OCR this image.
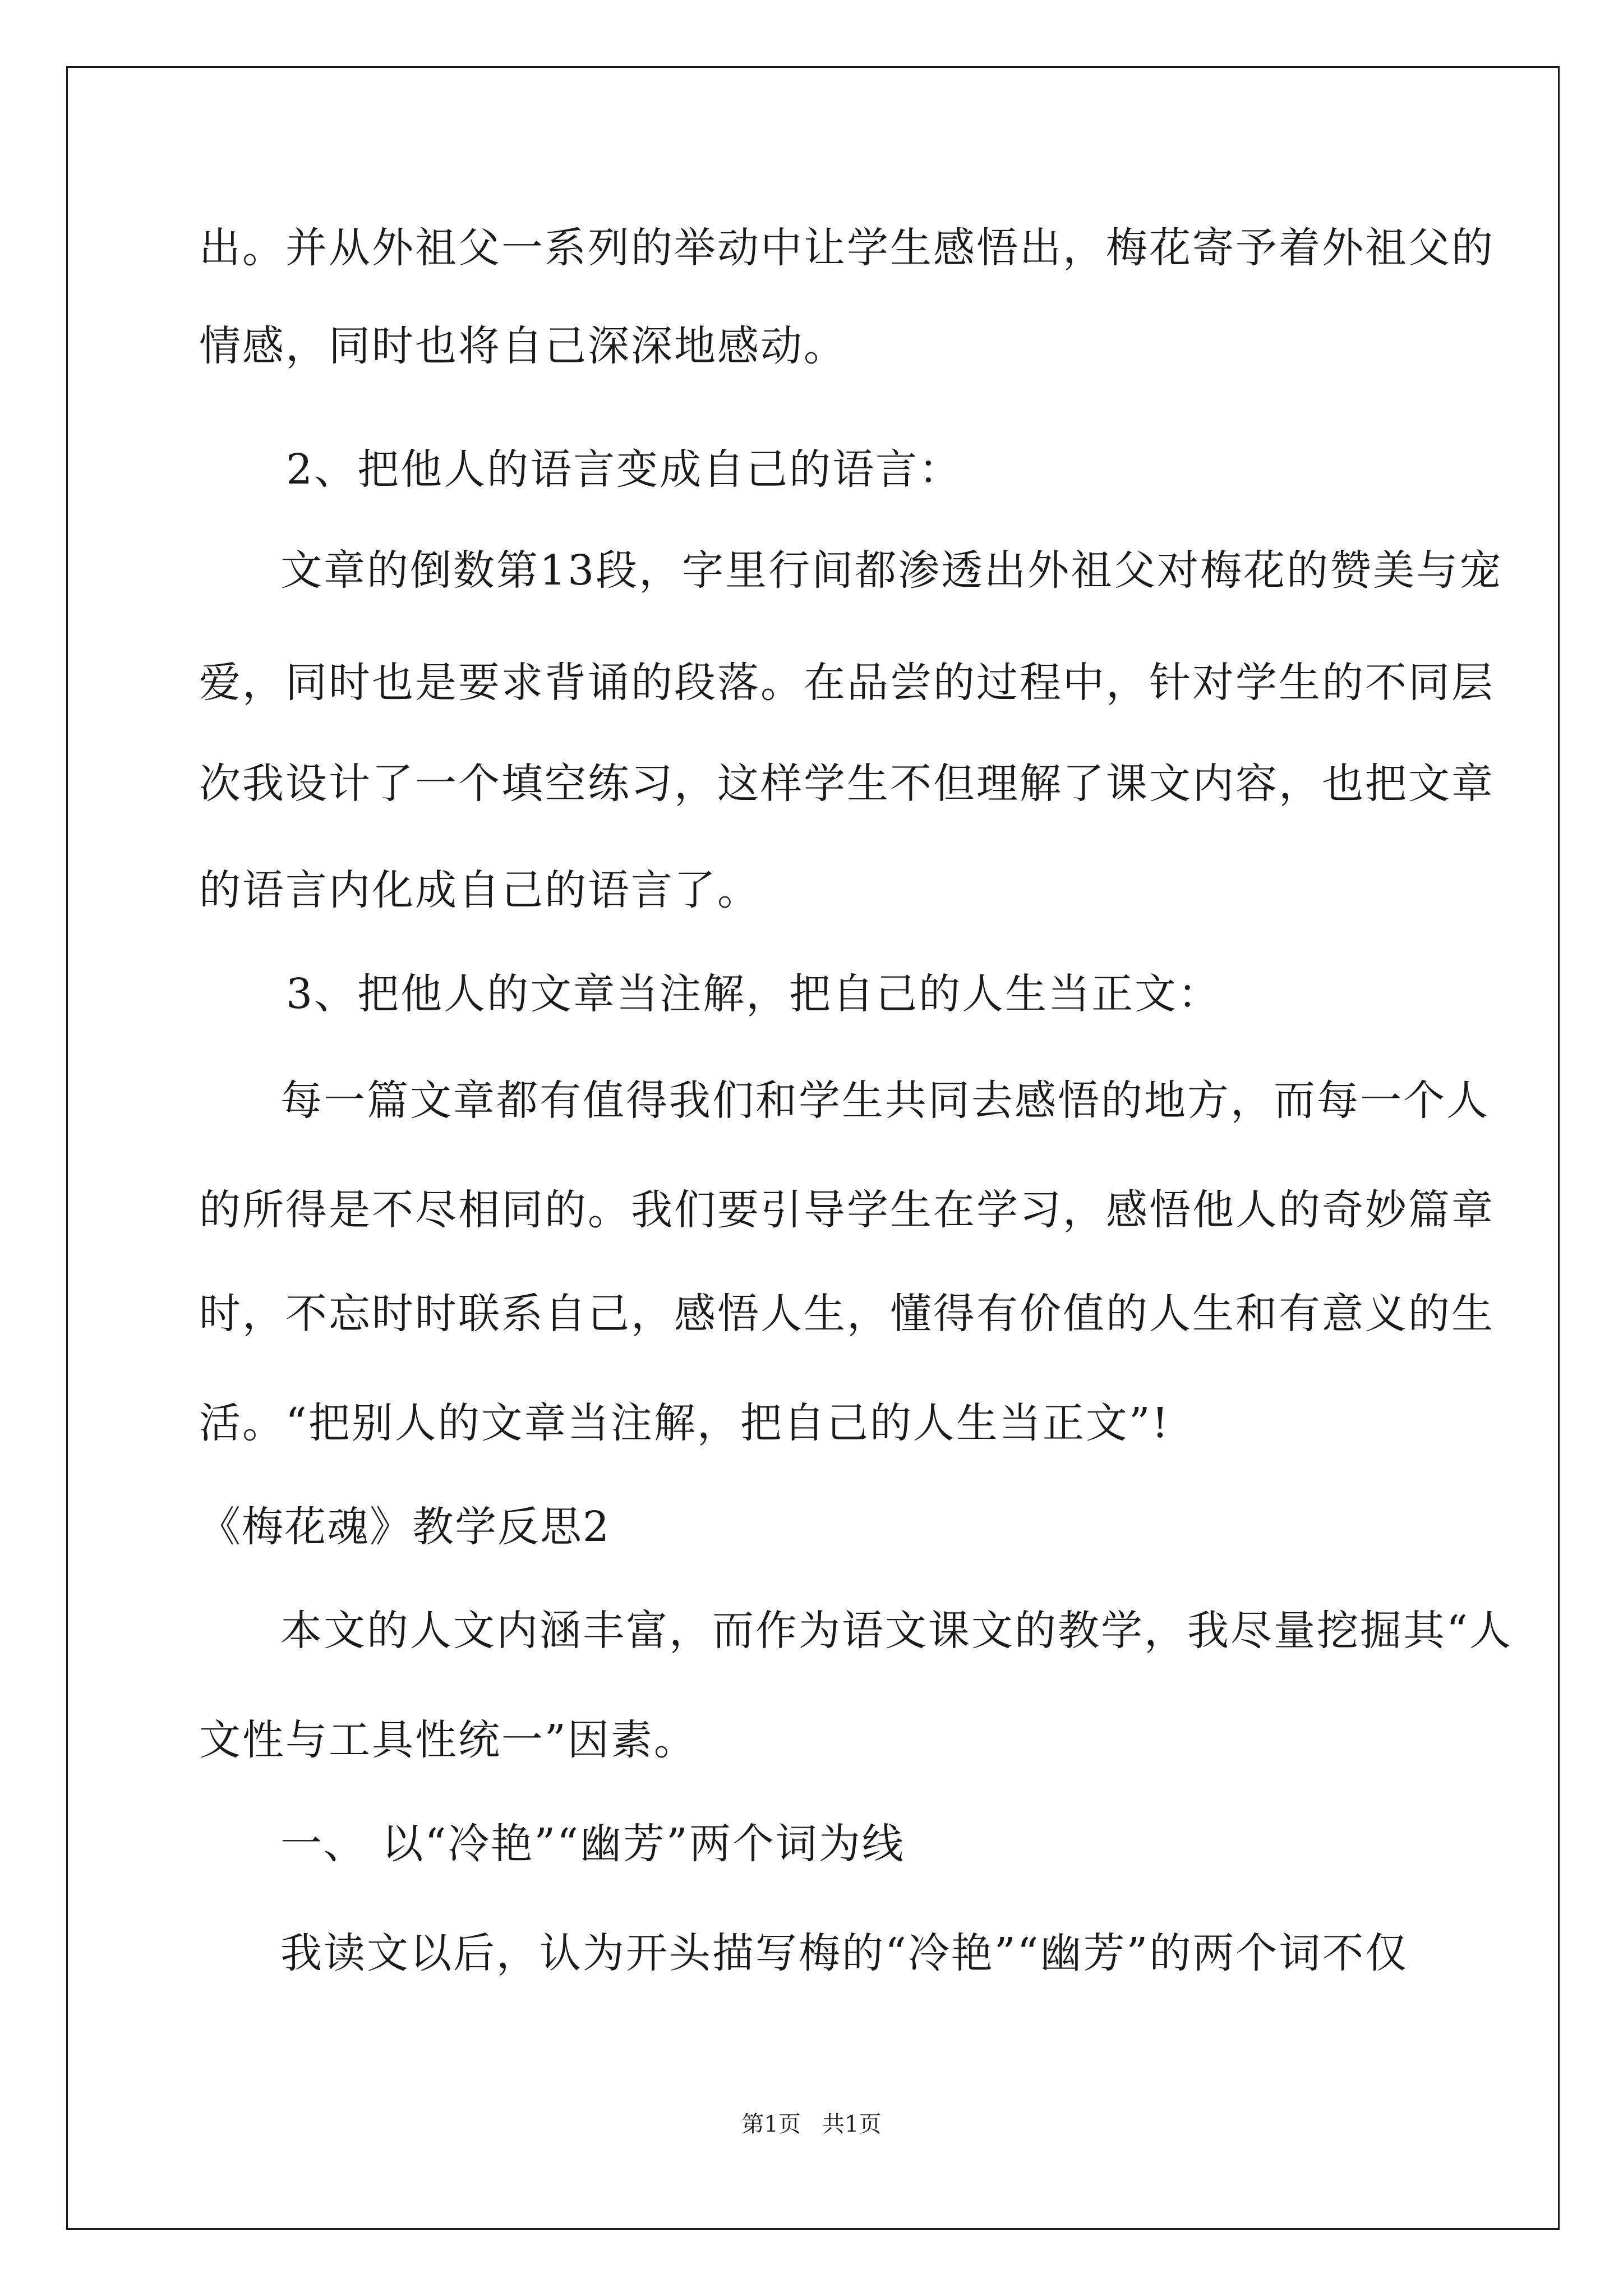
出。并从外祖父一系列的举动中让学生感悟出，梅花寄予着外祖父的
情感，同时也将自己深深地感动。
2、把他人的语言变成自己的语言：
文章的倒数第13段，字里行间都渗透出外祖父对梅花的赞美与宠
爱，同时也是要求背诵的段落。在品尝的过程中，针对学生的不同层
次我设计了一个填空练习，这样学生不但理解了课文内容，也把文章
的语言内化成自己的语言了。
3、把他人的文章当注解，把自己的人生当正文：
每一篇文章都有值得我们和学生共同去感悟的地方，而每一个人
的所得是不尽相同的。我们要引导学生在学习，感悟他人的奇妙篇章
时，不忘时时联系自己，感悟人生，懂得有价值的人生和有意义的生
活。“把别人的文章当注解，把自己的人生当正文”!
《梅花魂》教学反思2
本文的人文内涵丰富，而作为语文课文的教学，我尽量挖掘其“人
文性与工具性统一”因素。
一、 以“冷艳”“幽芳”两个词为线
我读文以后，认为开头描写梅的“冷艳”“幽芳”的两个词不仅
第1页   共1页
